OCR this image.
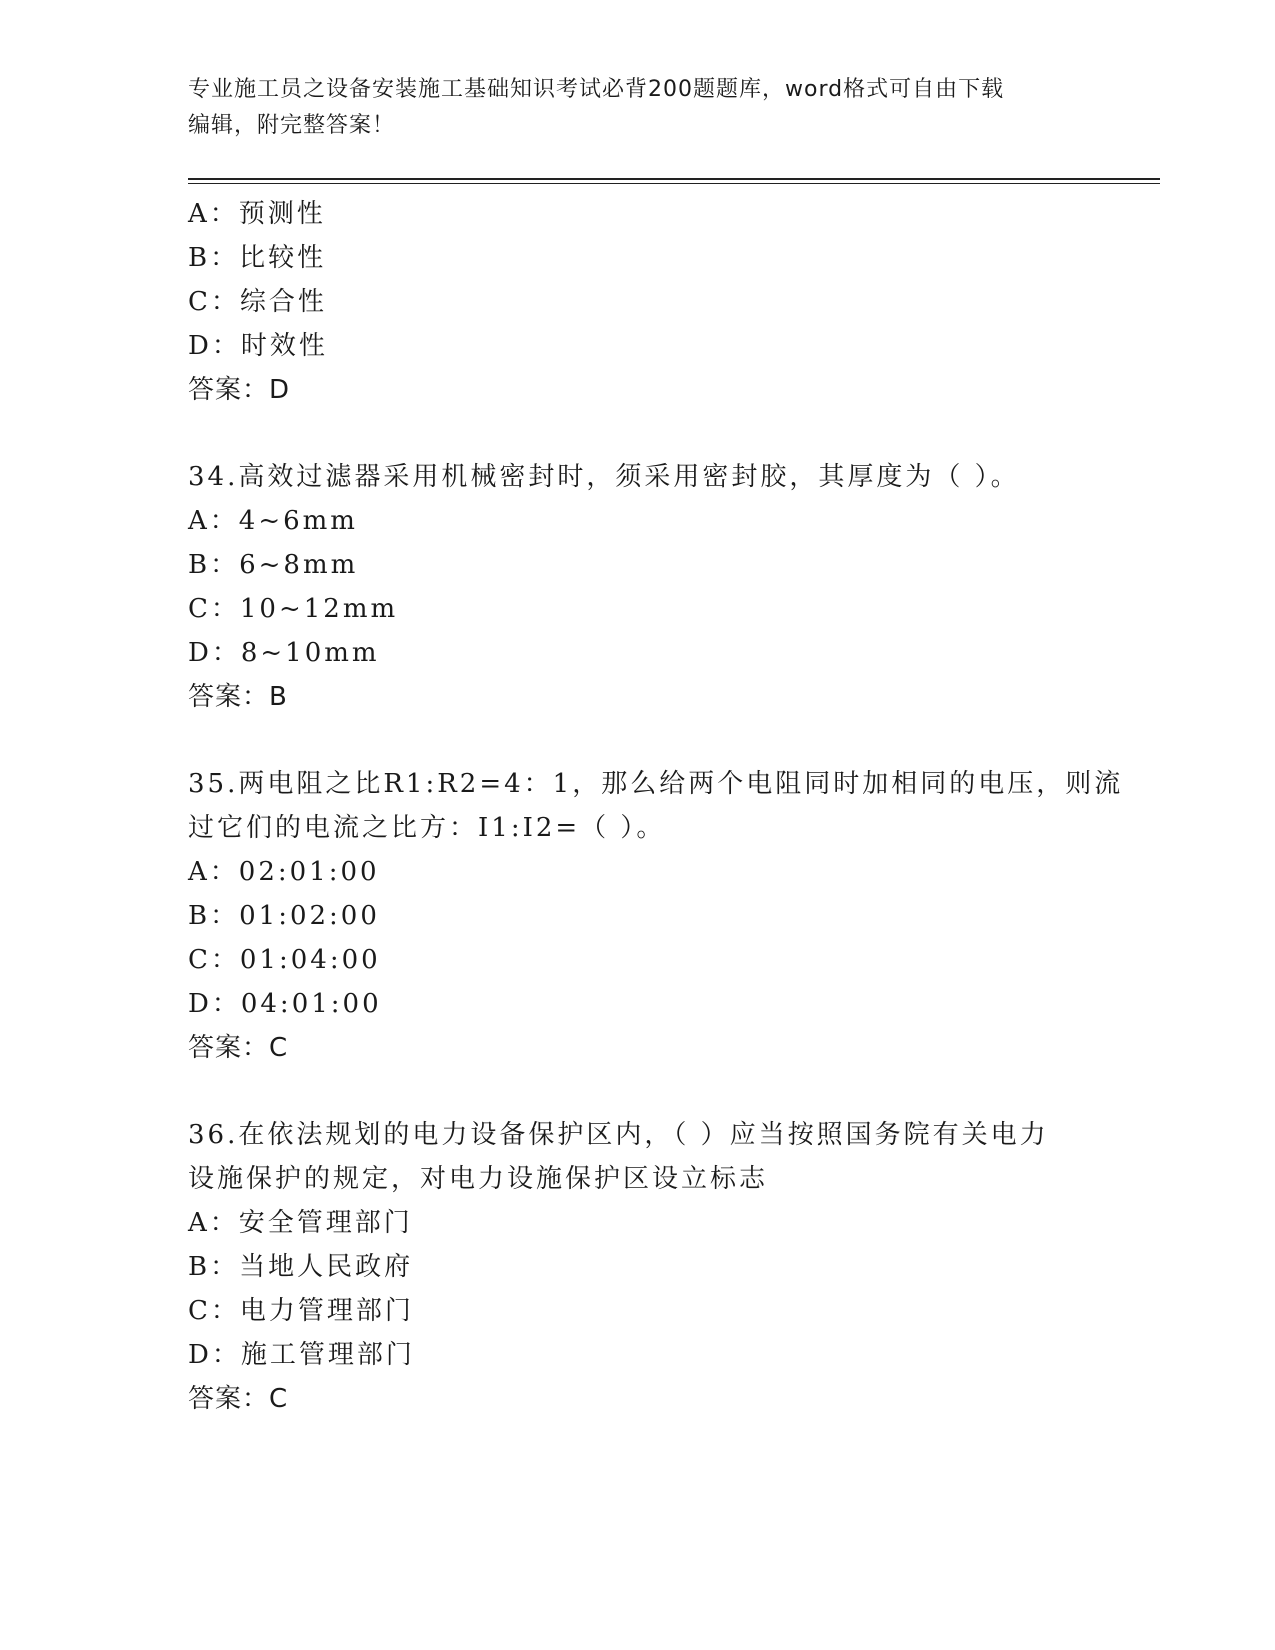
专业施工员之设备安装施工基础知识考试必背200题题库，word格式可自由下载
编辑，附完整答案！
A：预测性
B：比较性
C：综合性
D：时效性
答案：D
34.高效过滤器采用机械密封时，须采用密封胶，其厚度为（ ）。
A：4~6mm
B：6~8mm
C：10~12mm
D：8~10mm
答案：B
35.两电阻之比R1:R2=4：1，那么给两个电阻同时加相同的电压，则流
过它们的电流之比方：I1:I2=（ ）。
A：02:01:00
B：01:02:00
C：01:04:00
D：04:01:00
答案：C
36.在依法规划的电力设备保护区内，（ ）应当按照国务院有关电力
设施保护的规定，对电力设施保护区设立标志
A：安全管理部门
B：当地人民政府
C：电力管理部门
D：施工管理部门
答案：C
